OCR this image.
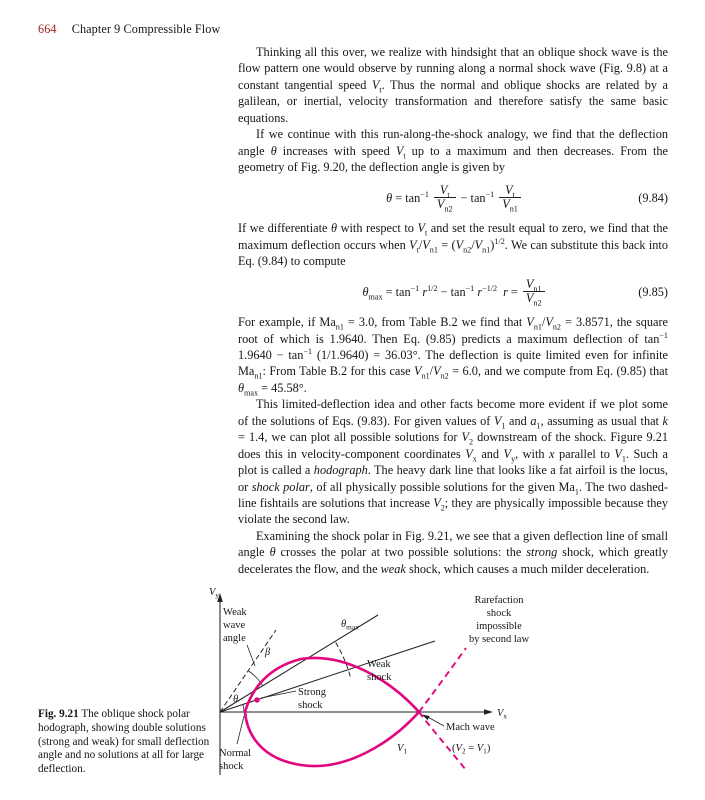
664 Chapter 9 Compressible Flow

Thinking all this over, we realize with hindsight that an oblique shock wave is the flow pattern one would observe by running along a normal shock wave (Fig. 9.8) at a constant tangential speed $V_t$. Thus the normal and oblique shocks are related by a galilean, or inertial, velocity transformation and therefore satisfy the same basic equations.

If we continue with this run-along-the-shock analogy, we find that the deflection angle θ increases with speed $V_t$ up to a maximum and then decreases. From the geometry of Fig. 9.20, the deflection angle is given by

$\theta = \tan^{-1} \frac{V_t}{V_{n2}} - \tan^{-1} \frac{V_t}{V_{n1}}$	(9.84)

If we differentiate θ with respect to $V_t$ and set the result equal to zero, we find that the maximum deflection occurs when $V_t/V_{n1} = (V_{n2}/V_{n1})^{1/2}$. We can substitute this back into Eq. (9.84) to compute

$\theta_{max} = \tan^{-1} r^{1/2} - \tan^{-1} r^{-1/2}$ $r = \frac{V_{n1}}{V_{n2}}$	(9.85)

For example, if $Ma_{n1} = 3.0$, from Table B.2 we find that $V_{n1}/V_{n2} = 3.8571$, the square root of which is 1.9640. Then Eq. (9.85) predicts a maximum deflection of $\tan^{-1} 1.9640 - \tan^{-1} (1/1.9640) = 36.03^\circ$. The deflection is quite limited even for infinite $Ma_{n1}$: From Table B.2 for this case $V_{n1}/V_{n2} = 6.0$, and we compute from Eq. (9.85) that $\theta_{max} = 45.58^\circ$.

This limited-deflection idea and other facts become more evident if we plot some of the solutions of Eqs. (9.83). For given values of $V_1$ and $a_1$, assuming as usual that k = 1.4, we can plot all possible solutions for $V_2$ downstream of the shock. Figure 9.21 does this in velocity-component coordinates $V_x$ and $V_y$, with x parallel to $V_1$. Such a plot is called a hodograph. The heavy dark line that looks like a fat airfoil is the locus, or shock polar, of all physically possible solutions for the given $Ma_1$. The two dashed-line fishtails are solutions that increase $V_2$; they are physically impossible because they violate the second law.

Examining the shock polar in Fig. 9.21, we see that a given deflection line of small angle θ crosses the polar at two possible solutions: the strong shock, which greatly decelerates the flow, and the weak shock, which causes a much milder deceleration.

Fig. 9.21 The oblique shock polar hodograph, showing double solutions (strong and weak) for small deflection angle and no solutions at all for large deflection.
$V_y$
$V_x$
Weak
wave
angle
β
θ
$\theta_{max}$
Weak
shock
Strong
shock
Normal
shock
Rarefaction
shock
impossible
by second law
Mach wave
$(V_2 = V_1)$
$V_1$
